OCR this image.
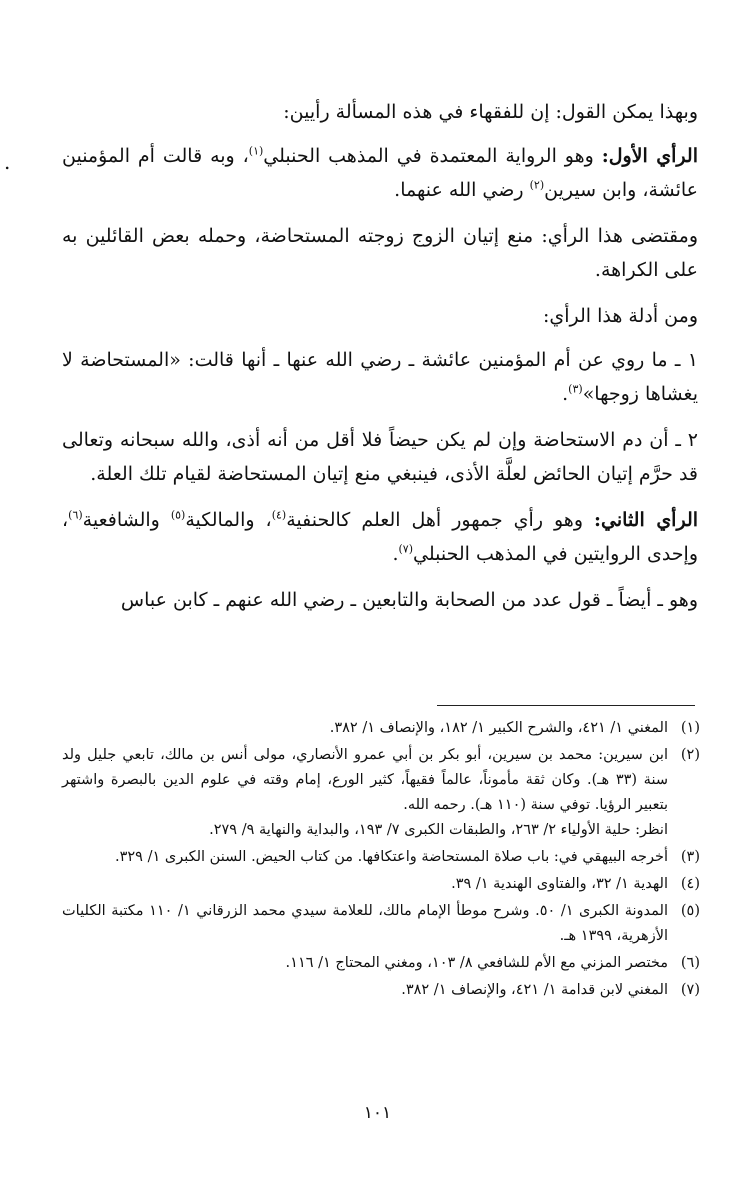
.

وبهذا يمكن القول: إن للفقهاء في هذه المسألة رأيين:

الرأي الأول: وهو الرواية المعتمدة في المذهب الحنبلي$^{(١)}$، وبه قالت أم المؤمنين عائشة، وابن سيرين$^{(٢)}$ رضي الله عنهما.

ومقتضى هذا الرأي: منع إتيان الزوج زوجته المستحاضة، وحمله بعض القائلين به على الكراهة.

ومن أدلة هذا الرأي:

١ ـ ما روي عن أم المؤمنين عائشة ـ رضي الله عنها ـ أنها قالت: «المستحاضة لا يغشاها زوجها»$^{(٣)}$.

٢ ـ أن دم الاستحاضة وإن لم يكن حيضاً فلا أقل من أنه أذى، والله سبحانه وتعالى قد حرَّم إتيان الحائض لعلَّة الأذى، فينبغي منع إتيان المستحاضة لقيام تلك العلة.

الرأي الثاني: وهو رأي جمهور أهل العلم كالحنفية$^{(٤)}$، والمالكية$^{(٥)}$ والشافعية$^{(٦)}$، وإحدى الروايتين في المذهب الحنبلي$^{(٧)}$.

وهو ـ أيضاً ـ قول عدد من الصحابة والتابعين ـ رضي الله عنهم ـ كابن عباس

(١)

المغني ١/ ٤٢١، والشرح الكبير ١/ ١٨٢، والإنصاف ١/ ٣٨٢.

(٢)

ابن سيرين: محمد بن سيرين، أبو بكر بن أبي عمرو الأنصاري، مولى أنس بن مالك، تابعي جليل ولد سنة (٣٣ هـ). وكان ثقة مأموناً، عالماً فقيهاً، كثير الورع، إمام وقته في علوم الدين بالبصرة واشتهر بتعبير الرؤيا. توفي سنة (١١٠ هـ). رحمه الله.

انظر: حلية الأولياء ٢/ ٢٦٣، والطبقات الكبرى ٧/ ١٩٣، والبداية والنهاية ٩/ ٢٧٩.

(٣)

أخرجه البيهقي في: باب صلاة المستحاضة واعتكافها. من كتاب الحيض. السنن الكبرى ١/ ٣٢٩.

(٤)

الهدية ١/ ٣٢، والفتاوى الهندية ١/ ٣٩.

(٥)

المدونة الكبرى ١/ ٥٠. وشرح موطأ الإمام مالك، للعلامة سيدي محمد الزرقاني ١/ ١١٠ مكتبة الكليات الأزهرية، ١٣٩٩ هـ.

(٦)

مختصر المزني مع الأم للشافعي ٨/ ١٠٣، ومغني المحتاج ١/ ١١٦.

(٧)

المغني لابن قدامة ١/ ٤٢١، والإنصاف ١/ ٣٨٢.

١٠١
